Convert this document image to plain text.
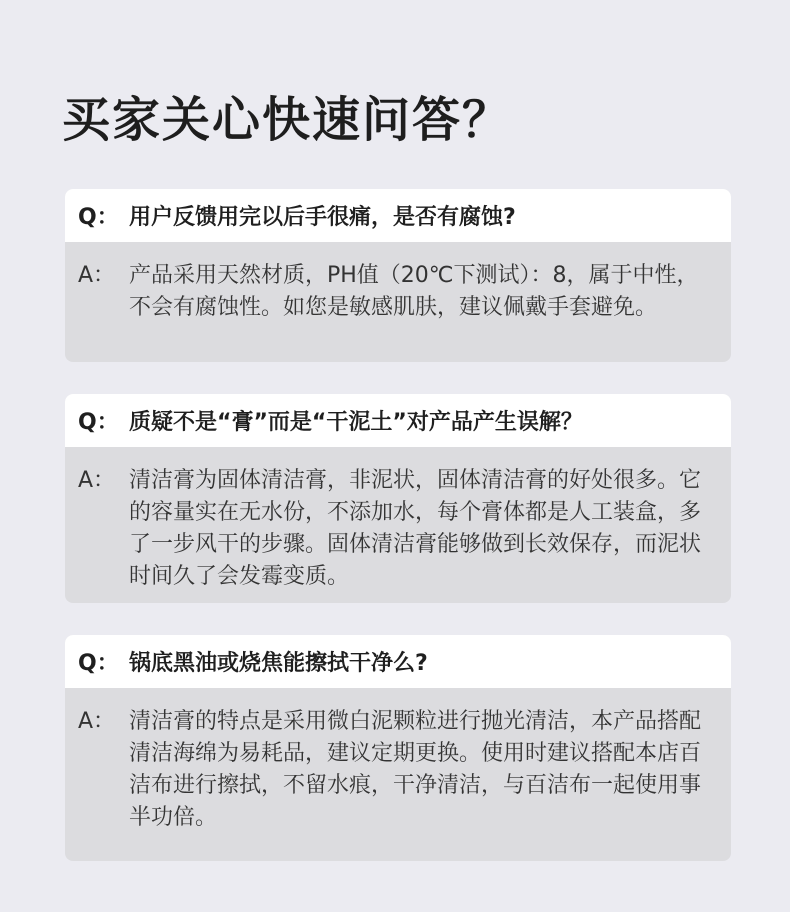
买家关心快速问答？
Q： 用户反馈用完以后手很痛，是否有腐蚀?
A： 产品采用天然材质，PH值（20℃下测试）：8，属于中性，不会有腐蚀性。如您是敏感肌肤，建议佩戴手套避免。
Q： 质疑不是“膏”而是“干泥土”对产品产生误解？
A： 清洁膏为固体清洁膏，非泥状，固体清洁膏的好处很多。它的容量实在无水份，不添加水，每个膏体都是人工装盒，多了一步风干的步骤。固体清洁膏能够做到长效保存，而泥状时间久了会发霉变质。
Q： 锅底黑油或烧焦能擦拭干净么?
A： 清洁膏的特点是采用微白泥颗粒进行抛光清洁，本产品搭配清洁海绵为易耗品，建议定期更换。使用时建议搭配本店百洁布进行擦拭，不留水痕，干净清洁，与百洁布一起使用事半功倍。
